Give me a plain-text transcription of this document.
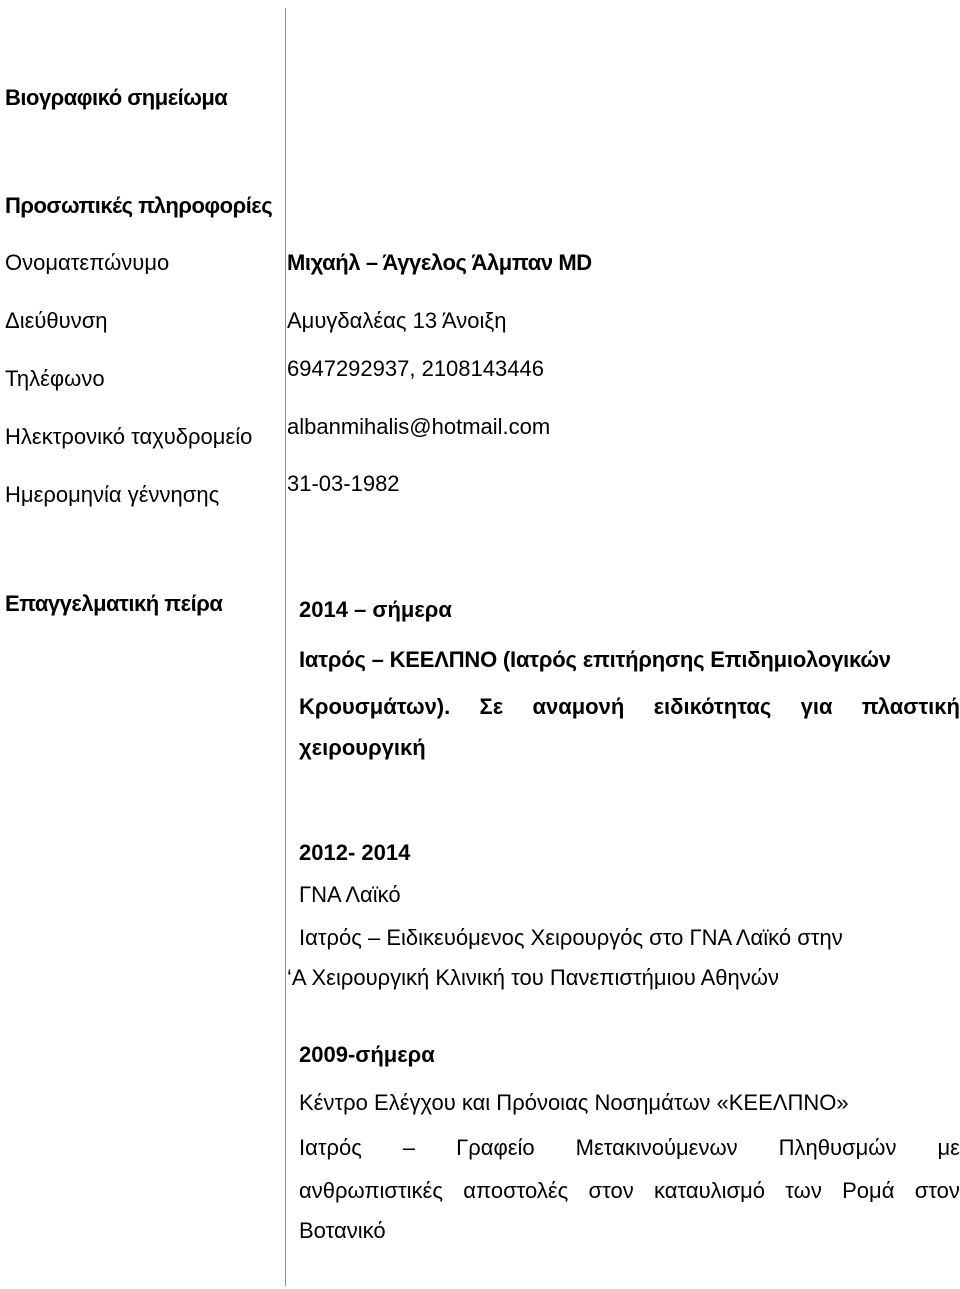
Βιογραφικό σημείωμα
Προσωπικές πληροφορίες
Ονοματεπώνυμο	Μιχαήλ – Άγγελος Άλμπαν MD
Διεύθυνση	Αμυγδαλέας 13 Άνοιξη
Τηλέφωνο	6947292937, 2108143446
Ηλεκτρονικό ταχυδρομείο albanmihalis@hotmail.com
Ημερομηνία γέννησης	31-03-1982
Επαγγελματική πείρα	2014 – σήμερα
Ιατρός – ΚΕΕΛΠΝΟ (Ιατρός επιτήρησης Επιδημιολογικών
Κρουσμάτων). Σε αναμονή ειδικότητας για πλαστική
χειρουργική
2012- 2014
ΓΝΑ Λαϊκό
Ιατρός – Ειδικευόμενος Χειρουργός στο ΓΝΑ Λαϊκό στην
‘Α Χειρουργική Κλινική του Πανεπιστήμιου Αθηνών
2009-σήμερα
Κέντρο Ελέγχου και Πρόνοιας Νοσημάτων «ΚΕΕΛΠΝΟ»
Ιατρός – Γραφείο Μετακινούμενων Πληθυσμών με
ανθρωπιστικές αποστολές στον καταυλισμό των Ρομά στον
Βοτανικό
